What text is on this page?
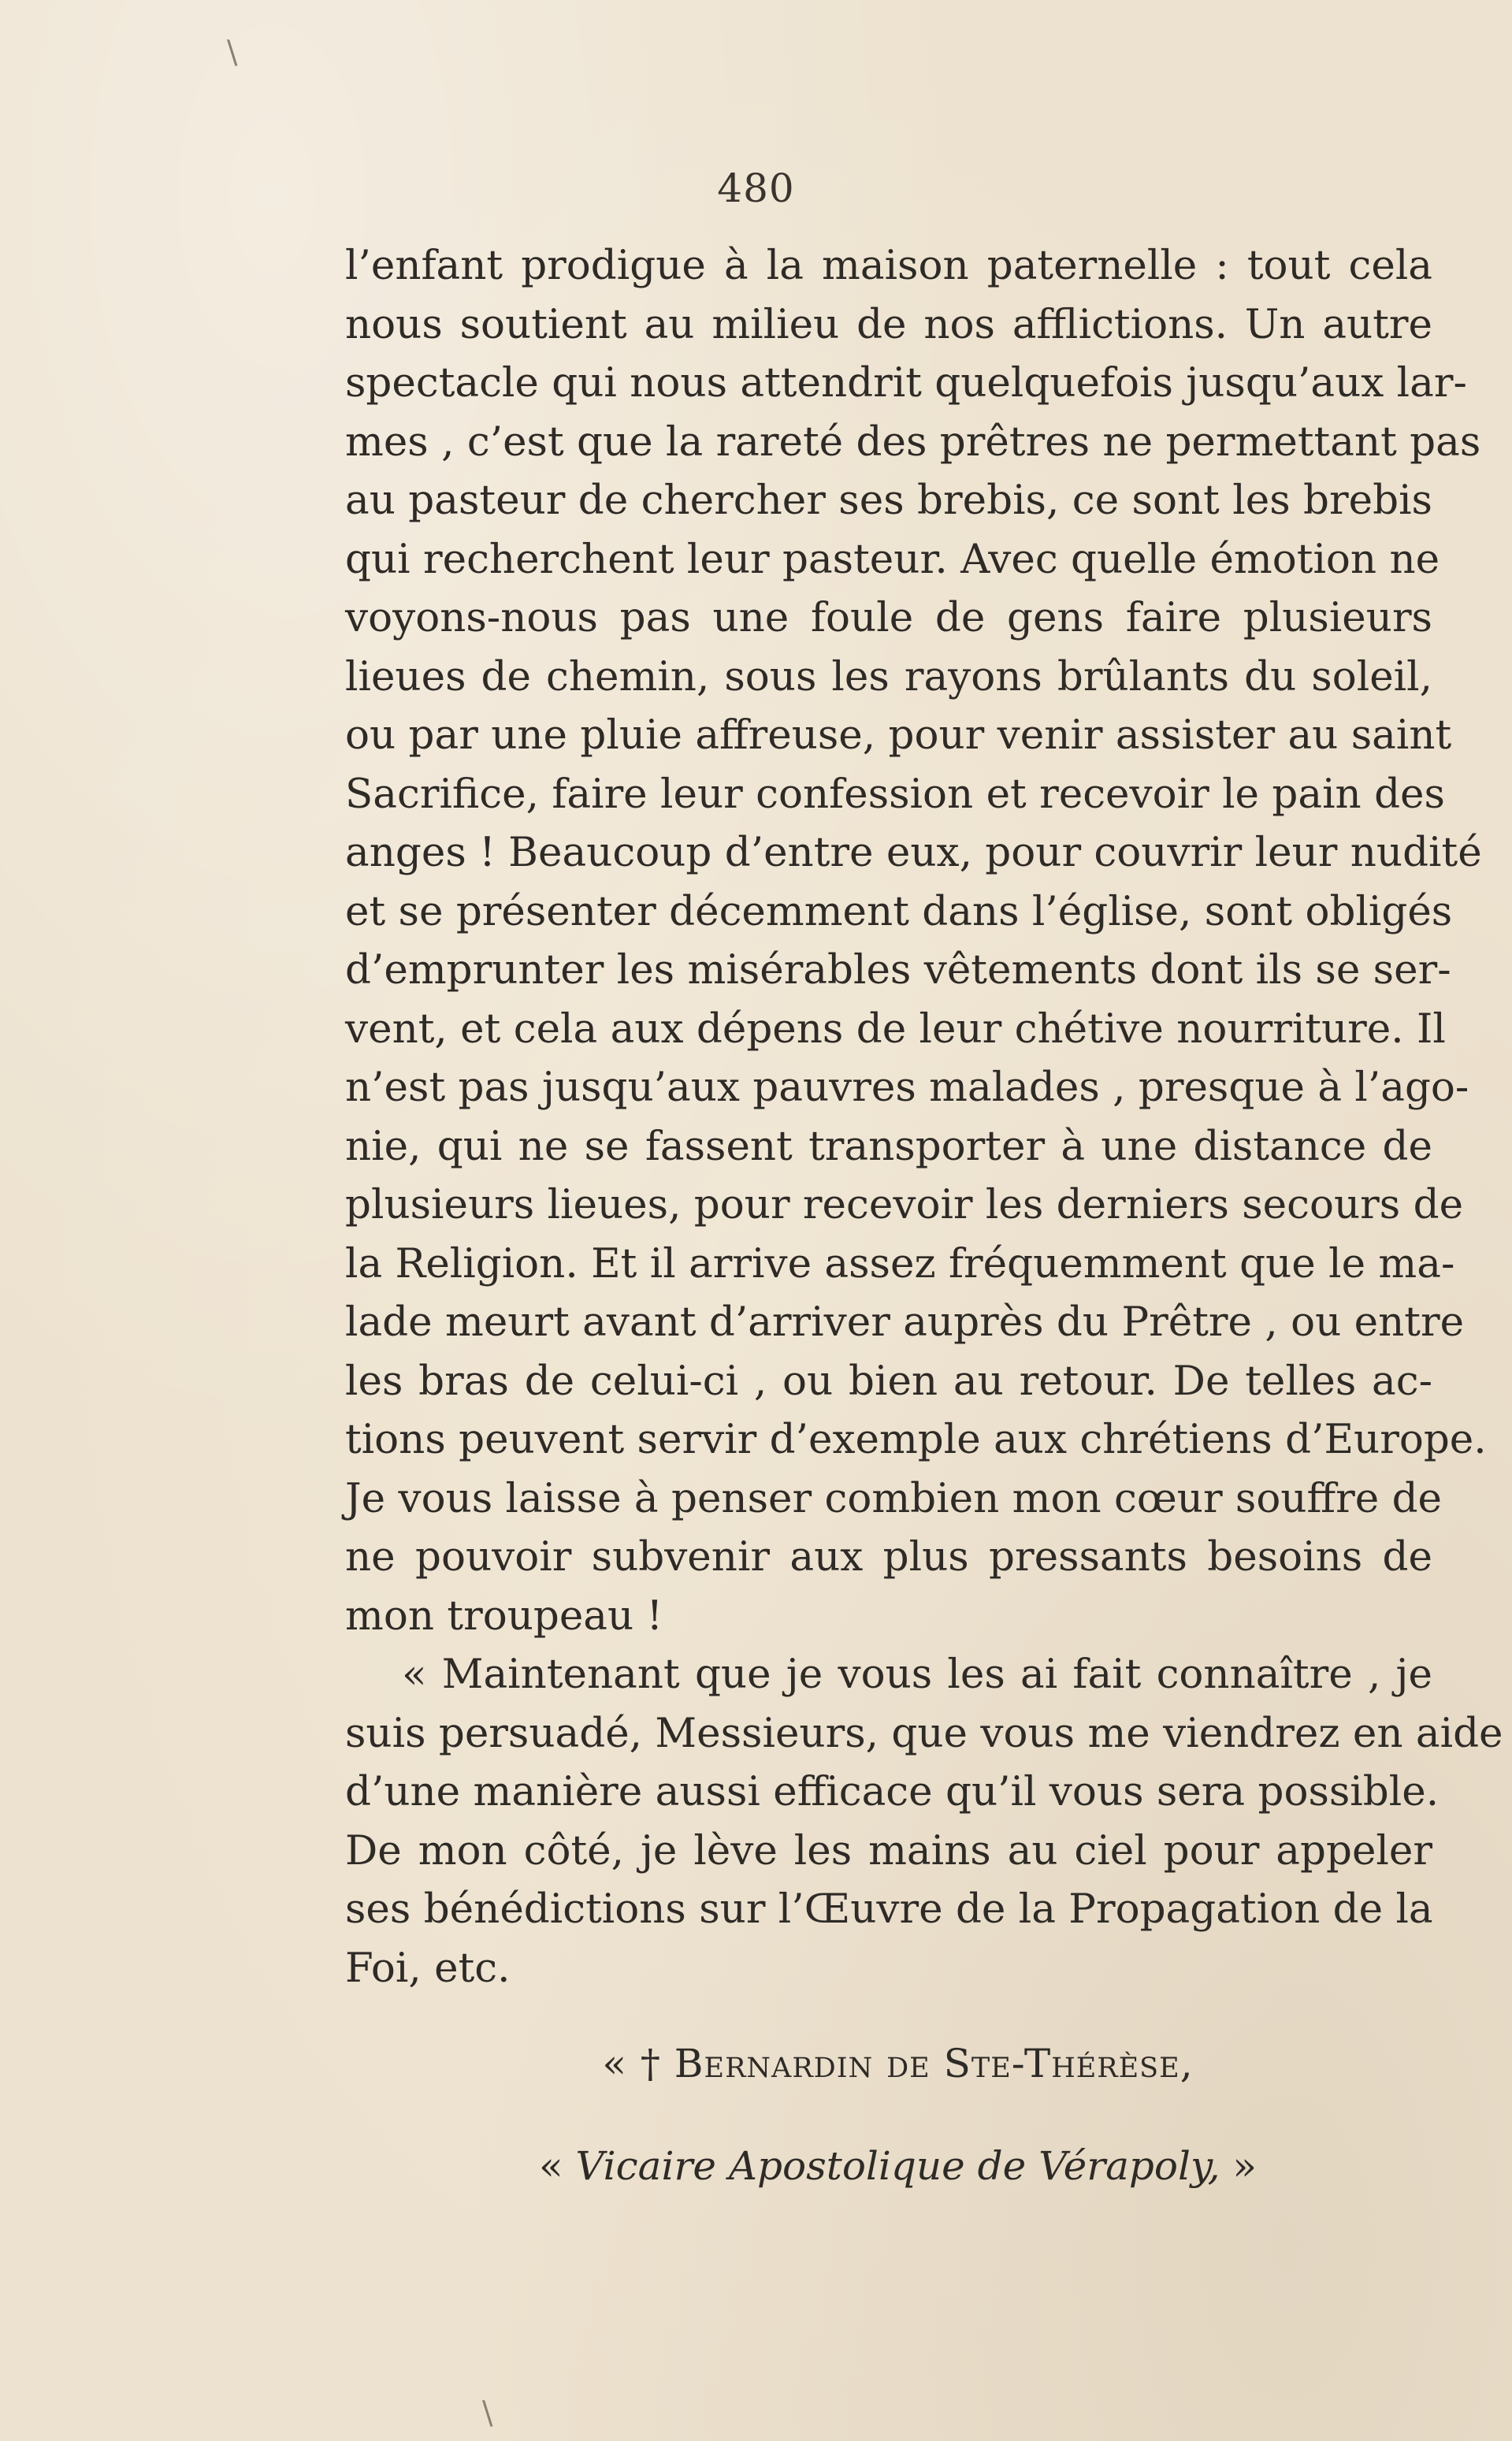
\
\
480
l’enfant prodigue à la maison paternelle : tout cela
nous soutient au milieu de nos afflictions. Un autre
spectacle qui nous attendrit quelquefois jusqu’aux lar-
mes , c’est que la rareté des prêtres ne permettant pas
au pasteur de chercher ses brebis, ce sont les brebis
qui recherchent leur pasteur. Avec quelle émotion ne
voyons-nous pas une foule de gens faire plusieurs
lieues de chemin, sous les rayons brûlants du soleil,
ou par une pluie affreuse, pour venir assister au saint
Sacrifice, faire leur confession et recevoir le pain des
anges ! Beaucoup d’entre eux, pour couvrir leur nudité
et se présenter décemment dans l’église, sont obligés
d’emprunter les misérables vêtements dont ils se ser-
vent, et cela aux dépens de leur chétive nourriture. Il
n’est pas jusqu’aux pauvres malades , presque à l’ago-
nie, qui ne se fassent transporter à une distance de
plusieurs lieues, pour recevoir les derniers secours de
la Religion. Et il arrive assez fréquemment que le ma-
lade meurt avant d’arriver auprès du Prêtre , ou entre
les bras de celui-ci , ou bien au retour. De telles ac-
tions peuvent servir d’exemple aux chrétiens d’Europe.
Je vous laisse à penser combien mon cœur souffre de
ne pouvoir subvenir aux plus pressants besoins de
mon troupeau !
« Maintenant que je vous les ai fait connaître , je
suis persuadé, Messieurs, que vous me viendrez en aide
d’une manière aussi efficace qu’il vous sera possible.
De mon côté, je lève les mains au ciel pour appeler
ses bénédictions sur l’Œuvre de la Propagation de la
Foi, etc.
« † Bernardin de Ste-Thérèse,
« Vicaire Apostolique de Vérapoly, »
